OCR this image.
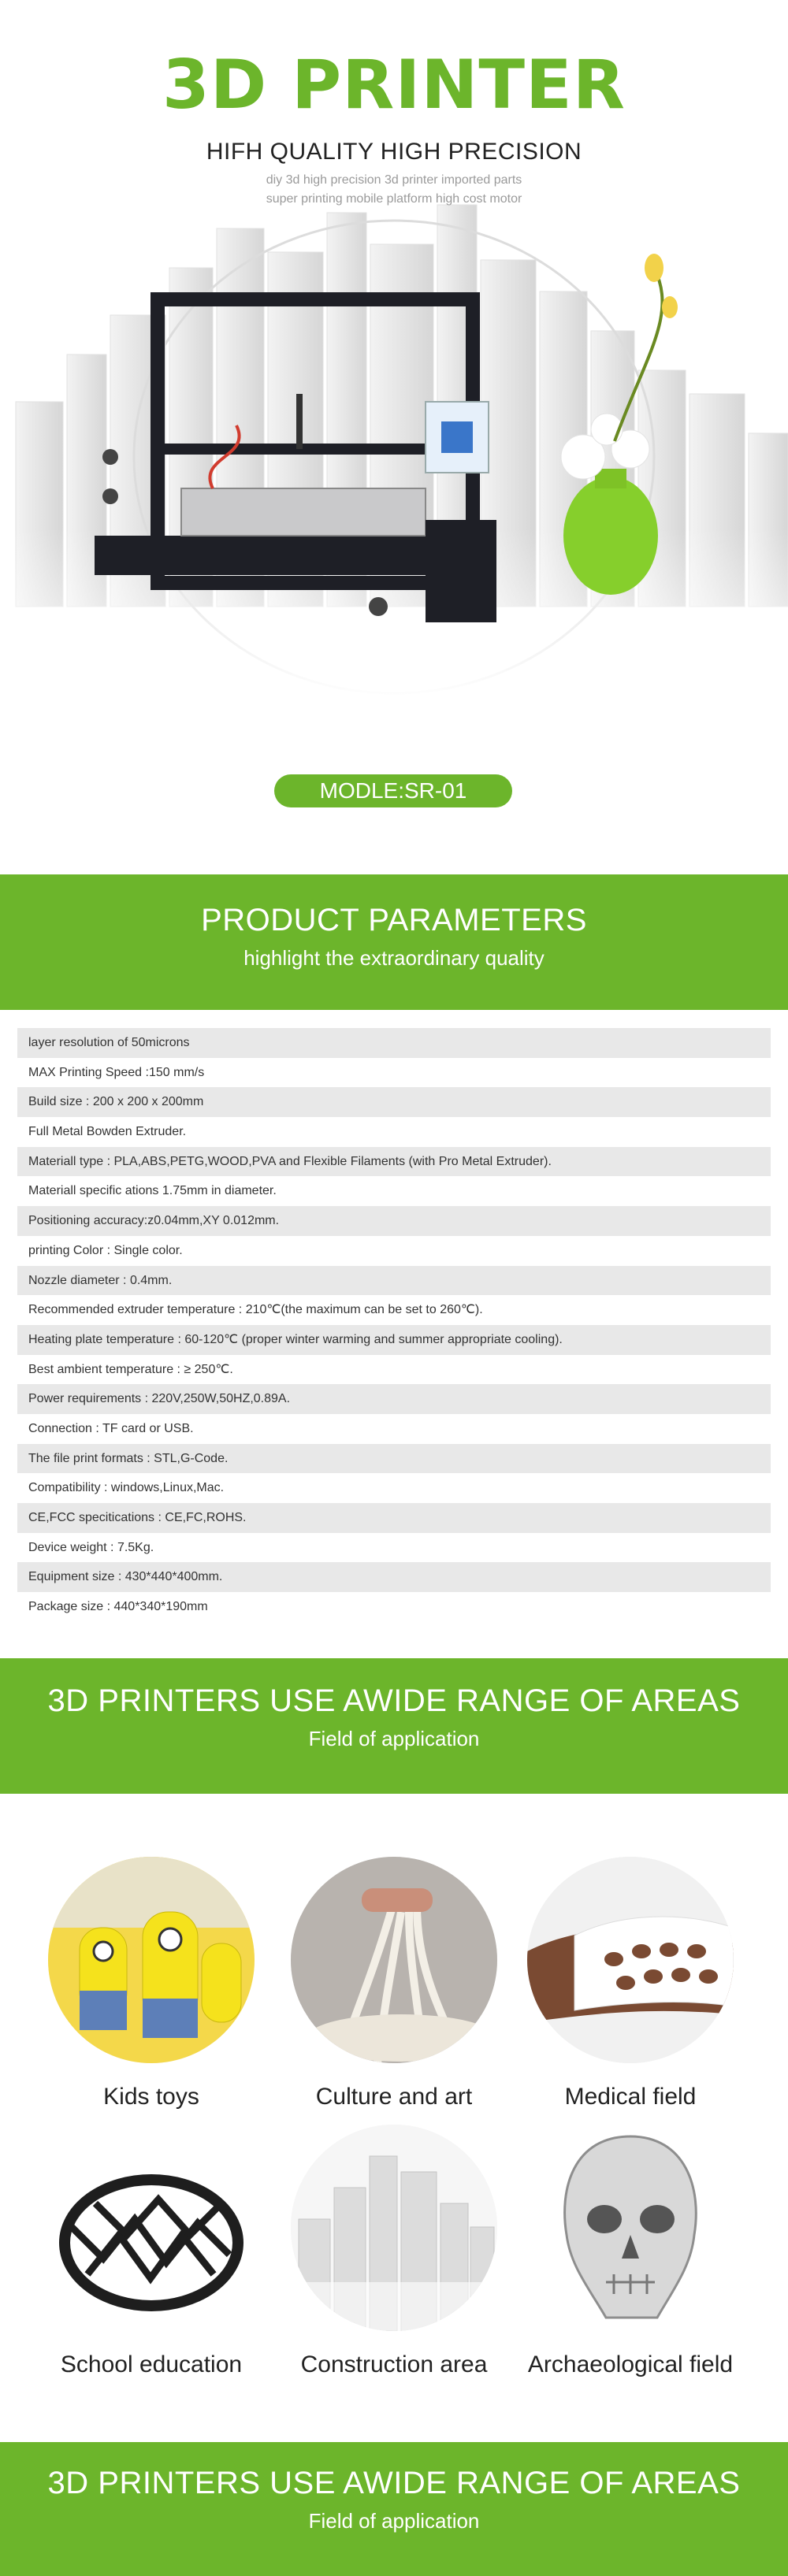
3D PRINTER
HIFH QUALITY HIGH PRECISION
diy 3d high precision 3d printer imported parts
super printing mobile platform high cost motor
MODLE:SR-01
PRODUCT PARAMETERS
highlight the extraordinary quality
layer resolution of 50microns
MAX Printing Speed :150 mm/s
Build size : 200 x 200 x 200mm
Full Metal Bowden Extruder.
Materiall type : PLA,ABS,PETG,WOOD,PVA and Flexible Filaments (with Pro Metal Extruder).
Materiall specific ations 1.75mm in diameter.
Positioning accuracy:z0.04mm,XY 0.012mm.
printing Color : Single color.
Nozzle diameter : 0.4mm.
Recommended extruder temperature : 210℃(the maximum can be set to 260℃).
Heating plate temperature : 60-120℃ (proper winter warming and summer appropriate cooling).
Best ambient temperature : ≥ 250℃.
Power requirements : 220V,250W,50HZ,0.89A.
Connection : TF card or USB.
The file print formats : STL,G-Code.
Compatibility : windows,Linux,Mac.
CE,FCC specitications : CE,FC,ROHS.
Device weight : 7.5Kg.
Equipment size : 430*440*400mm.
Package size : 440*340*190mm
3D PRINTERS USE AWIDE RANGE OF AREAS
Field of application
Kids toys	Culture and art	Medical field
School education	Construction area	Archaeological field
3D PRINTERS USE AWIDE RANGE OF AREAS
Field of application
